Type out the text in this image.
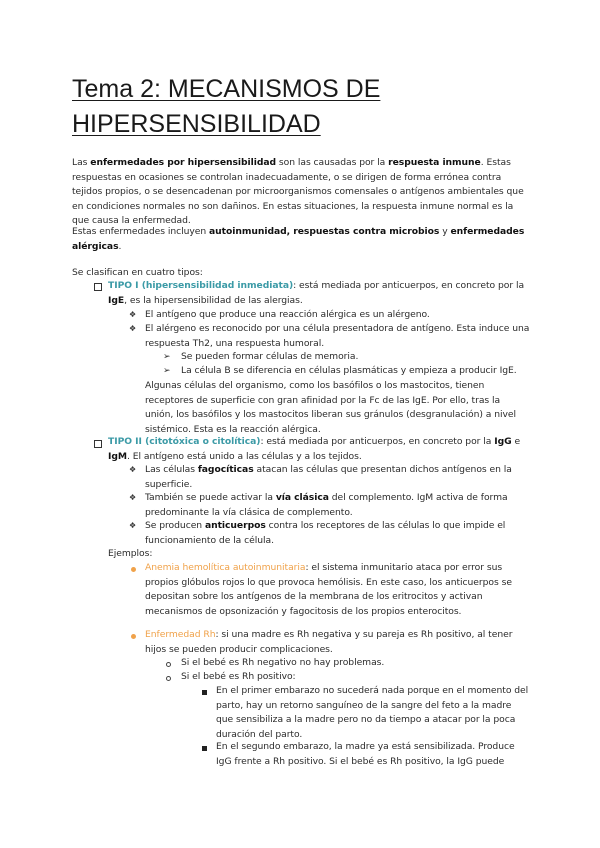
Tema 2: MECANISMOS DE
HIPERSENSIBILIDAD

Las enfermedades por hipersensibilidad son las causadas por la respuesta inmune. Estas respuestas en ocasiones se controlan inadecuadamente, o se dirigen de forma errónea contra tejidos propios, o se desencadenan por microorganismos comensales o antígenos ambientales que en condiciones normales no son dañinos. En estas situaciones, la respuesta inmune normal es la que causa la enfermedad.

Estas enfermedades incluyen autoinmunidad, respuestas contra microbios y enfermedades alérgicas.

Se clasifican en cuatro tipos:

TIPO I (hipersensibilidad inmediata): está mediada por anticuerpos, en concreto por la IgE, es la hipersensibilidad de las alergias.

❖ El antígeno que produce una reacción alérgica es un alérgeno.

❖ El alérgeno es reconocido por una célula presentadora de antígeno. Esta induce una respuesta Th2, una respuesta humoral.

➢ Se pueden formar células de memoria.

➢ La célula B se diferencia en células plasmáticas y empieza a producir IgE.

Algunas células del organismo, como los basófilos o los mastocitos, tienen receptores de superficie con gran afinidad por la Fc de las IgE. Por ello, tras la unión, los basófilos y los mastocitos liberan sus gránulos (desgranulación) a nivel sistémico. Esta es la reacción alérgica.

TIPO II (citotóxica o citolítica): está mediada por anticuerpos, en concreto por la IgG e IgM. El antígeno está unido a las células y a los tejidos.

❖ Las células fagocíticas atacan las células que presentan dichos antígenos en la superficie.

❖ También se puede activar la vía clásica del complemento. IgM activa de forma predominante la vía clásica de complemento.

❖ Se producen anticuerpos contra los receptores de las células lo que impide el funcionamiento de la célula.

Ejemplos:

Anemia hemolítica autoinmunitaria: el sistema inmunitario ataca por error sus propios glóbulos rojos lo que provoca hemólisis. En este caso, los anticuerpos se depositan sobre los antígenos de la membrana de los eritrocitos y activan mecanismos de opsonización y fagocitosis de los propios enterocitos.

Enfermedad Rh: si una madre es Rh negativa y su pareja es Rh positivo, al tener hijos se pueden producir complicaciones.

Si el bebé es Rh negativo no hay problemas.

Si el bebé es Rh positivo:

En el primer embarazo no sucederá nada porque en el momento del parto, hay un retorno sanguíneo de la sangre del feto a la madre que sensibiliza a la madre pero no da tiempo a atacar por la poca duración del parto.

En el segundo embarazo, la madre ya está sensibilizada. Produce IgG frente a Rh positivo. Si el bebé es Rh positivo, la IgG puede
